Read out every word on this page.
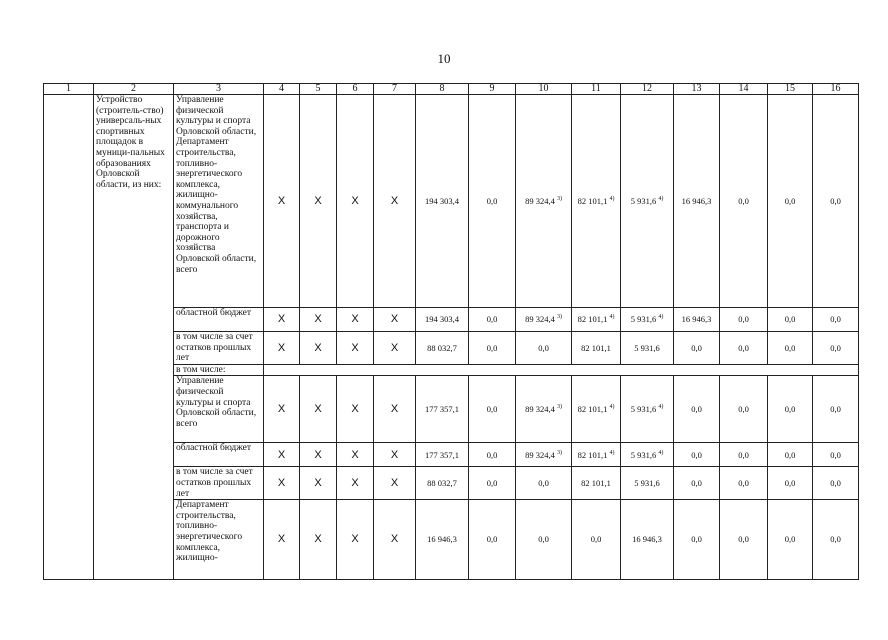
10
1	2	3	4	5	6	7	8	9	10	11	12	13	14	15	16
	Устройство (строитель-ство) универсаль-ных спортивных площадок в муници-пальных образованиях Орловской области, из них:	Управление физической культуры и спорта Орловской области, Департамент строительства, топливно-энергетического комплекса, жилищно-коммунального хозяйства, транспорта и дорожного хозяйства Орловской области, всего	Х	Х	Х	Х	194 303,4	0,0	89 324,4 $^{3)}$	82 101,1 $^{4)}$	5 931,6 $^{4)}$	16 946,3	0,0	0,0	0,0
		областной бюджет	Х	Х	Х	Х	194 303,4	0,0	89 324,4 $^{3)}$	82 101,1 $^{4)}$	5 931,6 $^{4)}$	16 946,3	0,0	0,0	0,0
		в том числе за счет остатков прошлых лет	Х	Х	Х	Х	88 032,7	0,0	0,0	82 101,1	5 931,6	0,0	0,0	0,0	0,0
		в том числе:													
		Управление физической культуры и спорта Орловской области, всего	Х	Х	Х	Х	177 357,1	0,0	89 324,4 $^{3)}$	82 101,1 $^{4)}$	5 931,6 $^{4)}$	0,0	0,0	0,0	0,0
		областной бюджет	Х	Х	Х	Х	177 357,1	0,0	89 324,4 $^{3)}$	82 101,1 $^{4)}$	5 931,6 $^{4)}$	0,0	0,0	0,0	0,0
		в том числе за счет остатков прошлых лет	Х	Х	Х	Х	88 032,7	0,0	0,0	82 101,1	5 931,6	0,0	0,0	0,0	0,0
		Департамент строительства, топливно-энергетического комплекса, жилищно-	Х	Х	Х	Х	16 946,3	0,0	0,0	0,0	16 946,3	0,0	0,0	0,0	0,0
